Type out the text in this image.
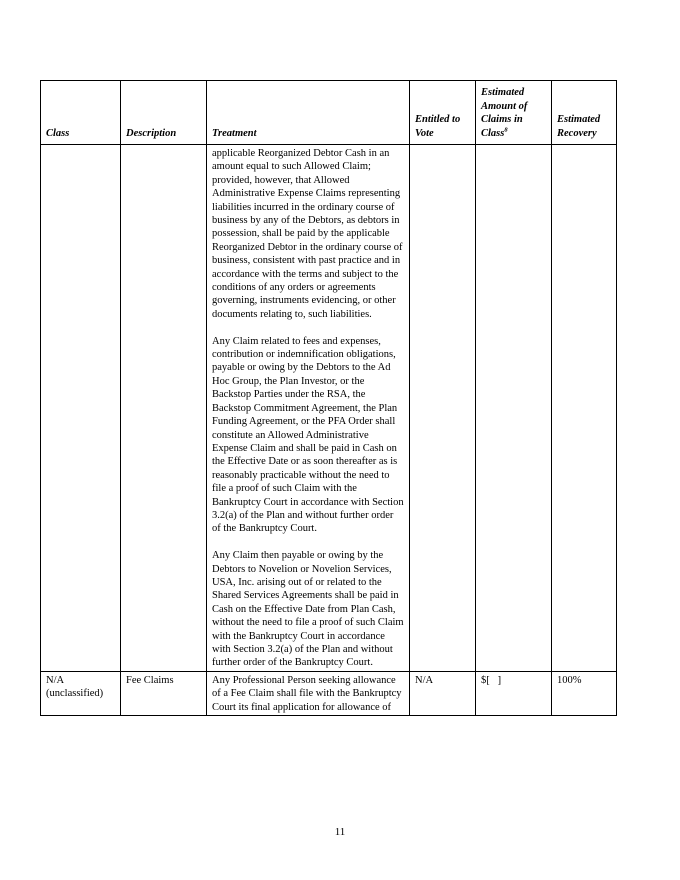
Class	Description	Treatment	Entitled to Vote	Estimated Amount of Claims in Class$^8$	Estimated Recovery

		applicable Reorganized Debtor Cash in an amount equal to such Allowed Claim; provided, however, that Allowed Administrative Expense Claims representing liabilities incurred in the ordinary course of business by any of the Debtors, as debtors in possession, shall be paid by the applicable Reorganized Debtor in the ordinary course of business, consistent with past practice and in accordance with the terms and subject to the conditions of any orders or agreements governing, instruments evidencing, or other documents relating to, such liabilities.

Any Claim related to fees and expenses, contribution or indemnification obligations, payable or owing by the Debtors to the Ad Hoc Group, the Plan Investor, or the Backstop Parties under the RSA, the Backstop Commitment Agreement, the Plan Funding Agreement, or the PFA Order shall constitute an Allowed Administrative Expense Claim and shall be paid in Cash on the Effective Date or as soon thereafter as is reasonably practicable without the need to file a proof of such Claim with the Bankruptcy Court in accordance with Section 3.2(a) of the Plan and without further order of the Bankruptcy Court.

Any Claim then payable or owing by the Debtors to Novelion or Novelion Services, USA, Inc. arising out of or related to the Shared Services Agreements shall be paid in Cash on the Effective Date from Plan Cash, without the need to file a proof of such Claim with the Bankruptcy Court in accordance with Section 3.2(a) of the Plan and without further order of the Bankruptcy Court.			

N/A (unclassified)	Fee Claims	Any Professional Person seeking allowance of a Fee Claim shall file with the Bankruptcy Court its final application for allowance of	N/A	$[   ]	100%
11
